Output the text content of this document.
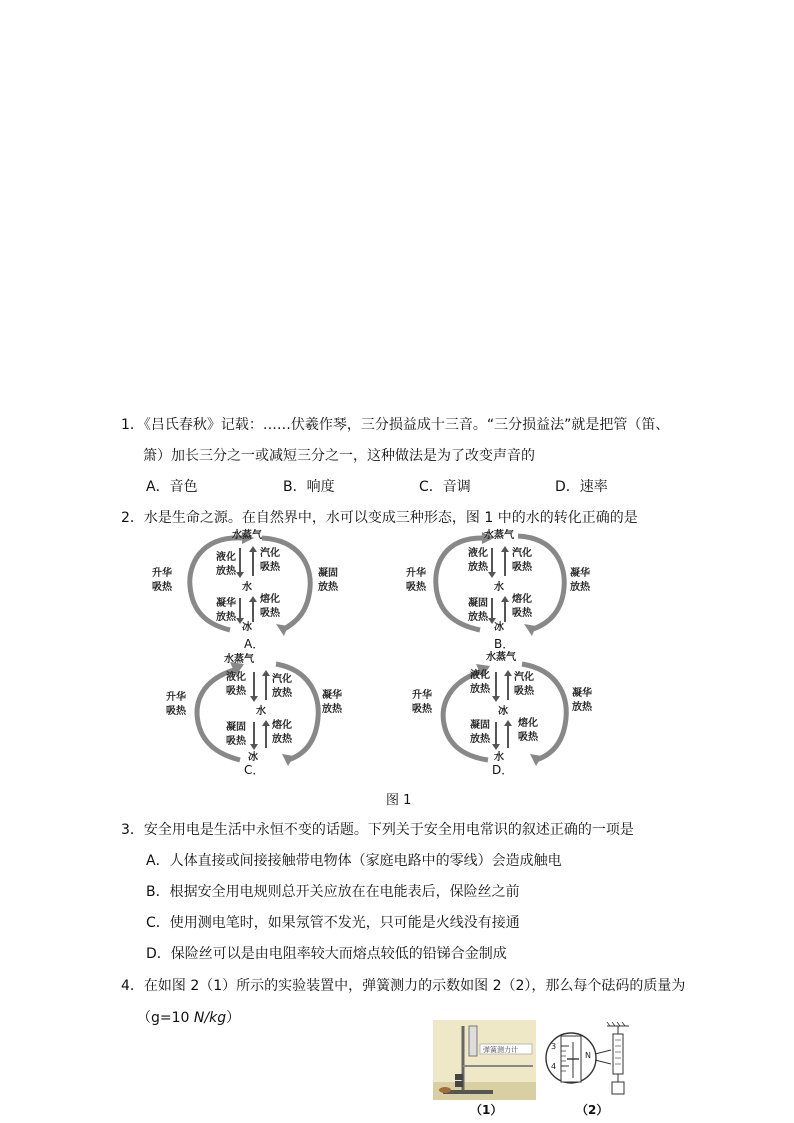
1．《吕氏春秋》记载：……伏羲作琴，三分损益成十三音。“三分损益法”就是把管（笛、
箫）加长三分之一或减短三分之一，这种做法是为了改变声音的
A．音色	B．响度	C．音调	D．速率
2．水是生命之源。在自然界中，水可以变成三种形态，图 1 中的水的转化正确的是
水蒸气
水
冰
液化
放热
汽化
吸热
凝华
放热
熔化
吸热
升华
吸热
凝固
放热
A．
水蒸气
水
冰
液化
放热
汽化
吸热
凝固
放热
熔化
吸热
升华
吸热
凝华
放热
B．
水蒸气
水
冰
液化
吸热
汽化
放热
凝固
吸热
熔化
放热
升华
吸热
凝华
放热
C．
水蒸气
冰
水
液化
放热
汽化
吸热
凝固
放热
熔化
吸热
升华
吸热
凝华
放热
D．
图 1
3．安全用电是生活中永恒不变的话题。下列关于安全用电常识的叙述正确的一项是
A．人体直接或间接接触带电物体（家庭电路中的零线）会造成触电
B．根据安全用电规则总开关应放在在电能表后，保险丝之前
C．使用测电笔时，如果氖管不发光，只可能是火线没有接通
D．保险丝可以是由电阻率较大而熔点较低的铅锑合金制成
4．在如图 2（1）所示的实验装置中，弹簧测力的示数如图 2（2），那么每个砝码的质量为
（g=10 N/kg）
弹簧测力计	3
4
N
（1）	（2）
